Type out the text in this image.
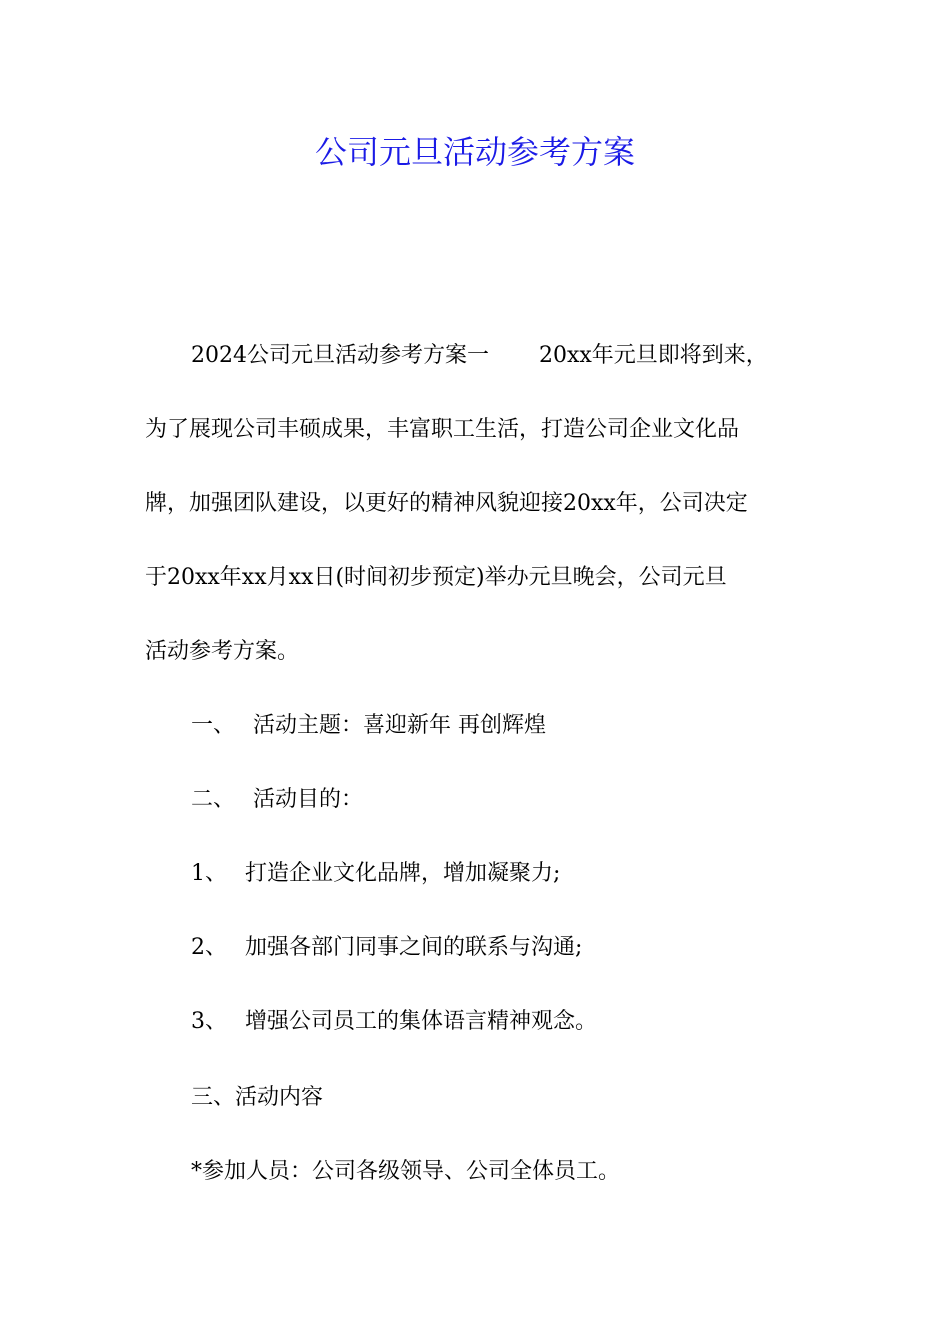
公司元旦活动参考方案

2024公司元旦活动参考方案一 20xx年元旦即将到来，

为了展现公司丰硕成果，丰富职工生活，打造公司企业文化品

牌，加强团队建设，以更好的精神风貌迎接20xx年，公司决定

于20xx年xx月xx日(时间初步预定)举办元旦晚会，公司元旦

活动参考方案。

一、 活动主题：喜迎新年 再创辉煌

二、 活动目的：

1、 打造企业文化品牌，增加凝聚力;

2、 加强各部门同事之间的联系与沟通;

3、 增强公司员工的集体语言精神观念。

三、活动内容

*参加人员：公司各级领导、公司全体员工。
